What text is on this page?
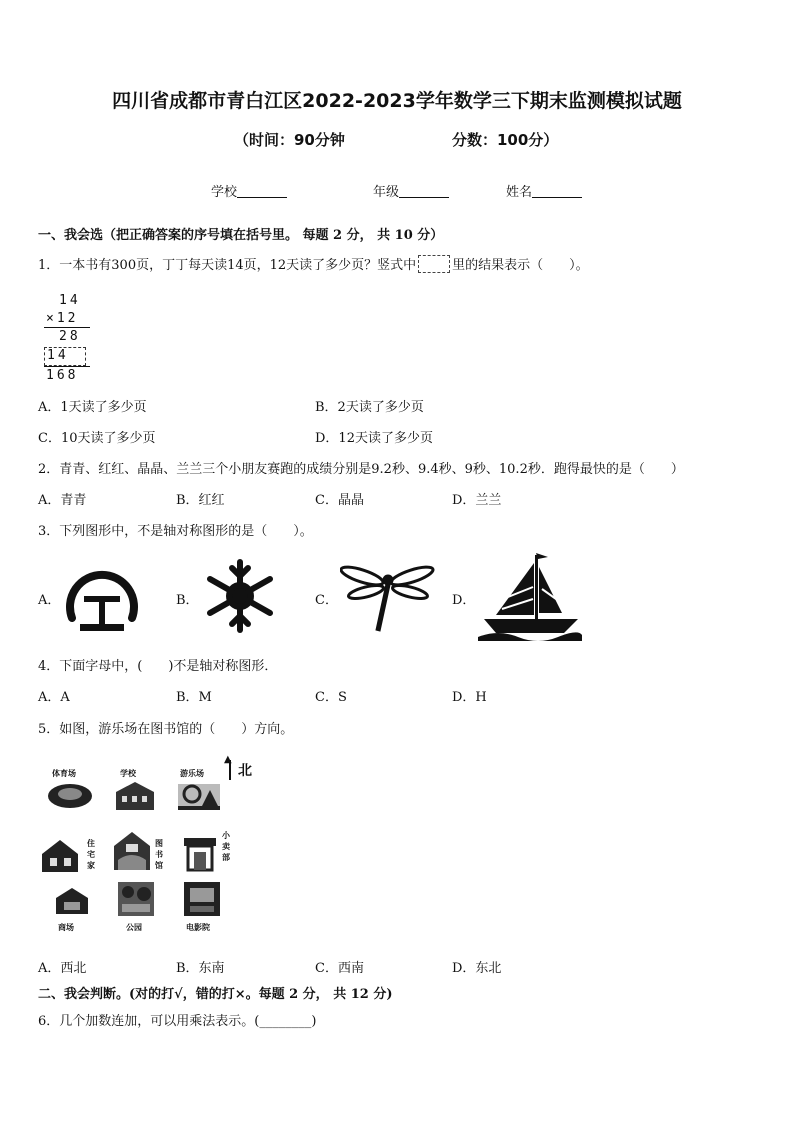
四川省成都市青白江区2022-2023学年数学三下期末监测模拟试题
（时间：90分钟	分数：100分）
学校	年级	姓名
一、我会选（把正确答案的序号填在括号里。 每题 2 分， 共 10 分）
1．一本书有300页，丁丁每天读14页，12天读了多少页？竖式中	里的结果表示（　　）。
14
×12
28
14
168
A．1天读了多少页	B．2天读了多少页
C．10天读了多少页	D．12天读了多少页
2．青青、红红、晶晶、兰兰三个小朋友赛跑的成绩分别是9.2秒、9.4秒、9秒、10.2秒．跑得最快的是（　　）
A．青青	B．红红	C．晶晶	D．兰兰
3．下列图形中，不是轴对称图形的是（　　）。
A．	B．	C．	D．
4．下面字母中，(　　)不是轴对称图形．
A．A	B．M	C．S	D．H
5．如图，游乐场在图书馆的（　　）方向。
体育场	学校	游乐场
▲
北
住宅家
图书馆
小卖部
商场	公园	电影院
A．西北	B．东南	C．西南	D．东北
二、我会判断。(对的打√，错的打×。每题 2 分， 共 12 分)
6．几个加数连加，可以用乘法表示。(________)
